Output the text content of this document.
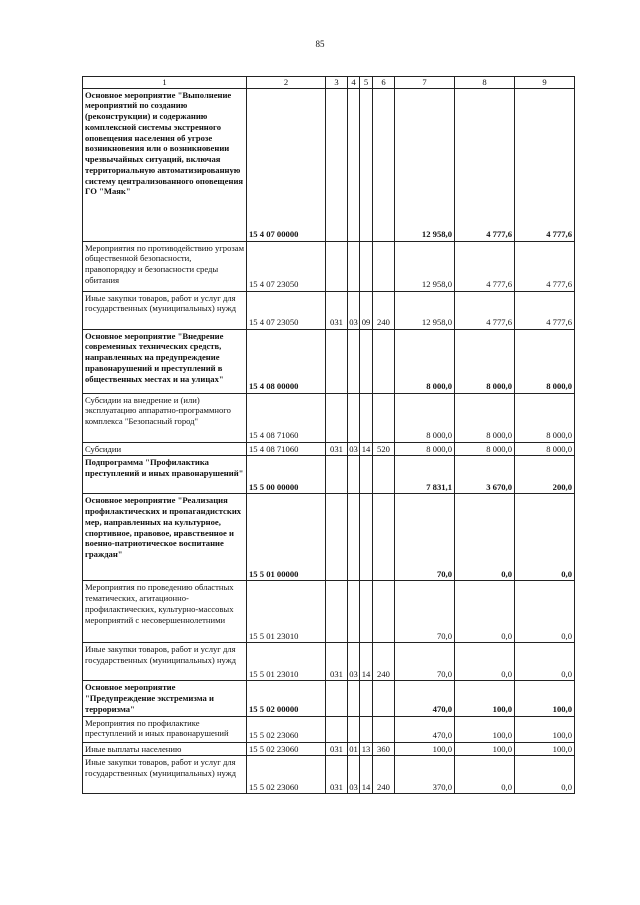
85
1	2	3	4	5	6	7	8	9
Основное мероприятие "Выполнение мероприятий по созданию (реконструкции) и содержанию комплексной системы экстренного оповещения населения об угрозе возникновения или о возникновении чрезвычайных ситуаций, включая территориальную автоматизированную систему централизованного оповещения ГО "Маяк"	15 4 07 00000					12 958,0	4 777,6	4 777,6
Мероприятия по противодействию угрозам общественной безопасности, правопорядку и безопасности среды обитания	15 4 07 23050					12 958,0	4 777,6	4 777,6
Иные закупки товаров, работ и услуг для государственных (муниципальных) нужд	15 4 07 23050	031	03	09	240	12 958,0	4 777,6	4 777,6
Основное мероприятие "Внедрение современных технических средств, направленных на предупреждение правонарушений и преступлений в общественных местах и на улицах"	15 4 08 00000					8 000,0	8 000,0	8 000,0
Субсидии на внедрение и (или) эксплуатацию аппаратно-программного комплекса "Безопасный город"	15 4 08 71060					8 000,0	8 000,0	8 000,0
Субсидии	15 4 08 71060	031	03	14	520	8 000,0	8 000,0	8 000,0
Подпрограмма "Профилактика преступлений и иных правонарушений"	15 5 00 00000					7 831,1	3 670,0	200,0
Основное мероприятие "Реализация профилактических и пропагандистских мер, направленных на культурное, спортивное, правовое, нравственное и военно-патриотическое воспитание граждан"	15 5 01 00000					70,0	0,0	0,0
Мероприятия по проведению областных тематических, агитационно-профилактических, культурно-массовых мероприятий с несовершеннолетними	15 5 01 23010					70,0	0,0	0,0
Иные закупки товаров, работ и услуг для государственных (муниципальных) нужд	15 5 01 23010	031	03	14	240	70,0	0,0	0,0
Основное мероприятие "Предупреждение экстремизма и терроризма"	15 5 02 00000					470,0	100,0	100,0
Мероприятия по профилактике преступлений и иных правонарушений	15 5 02 23060					470,0	100,0	100,0
Иные выплаты населению	15 5 02 23060	031	01	13	360	100,0	100,0	100,0
Иные закупки товаров, работ и услуг для государственных (муниципальных) нужд	15 5 02 23060	031	03	14	240	370,0	0,0	0,0
